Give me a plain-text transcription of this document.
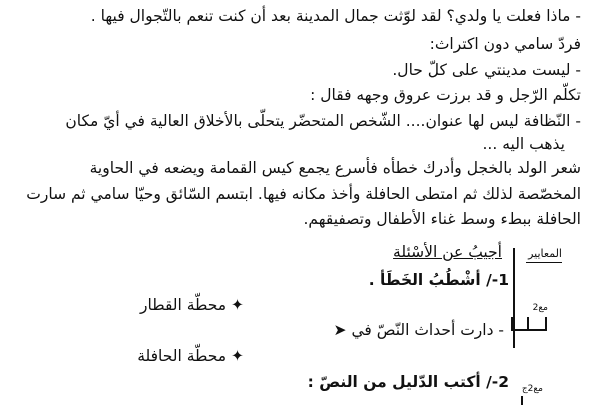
- ماذا فعلت يا ولدي؟ لقد لوّثت جمال المدينة بعد أن كنت تنعم بالتّجوال فيها .
فردّ سامي دون اكتراث:
- ليست مدينتي على كلّ حال.
تكلّم الرّجل و قد برزت عروق وجهه فقال :
- النّظافة ليس لها عنوان.... الشّخص المتحضّر يتحلّى بالأخلاق العالية في أيّ مكان
يذهب اليه ...
شعر الولد بالخجل وأدرك خطأه فأسرع يجمع كيس القمامة ويضعه في الحاوية
المخصّصة لذلك ثم امتطى الحافلة وأخذ مكانه فيها. ابتسم السّائق وحيّا سامي ثم سارت
الحافلة ببطء وسط غناء الأطفال وتصفيقهم.
المعايير
أجيبُ عن الأسْئلة
1-/ أشْطُبُ الخَطَأ .
✦ محطّة القطار
- دارت أحداث النّصّ في ➤
✦ محطّة الحافلة
مع2
2-/ أكتب الدّليل من النصّ : مع2ج
